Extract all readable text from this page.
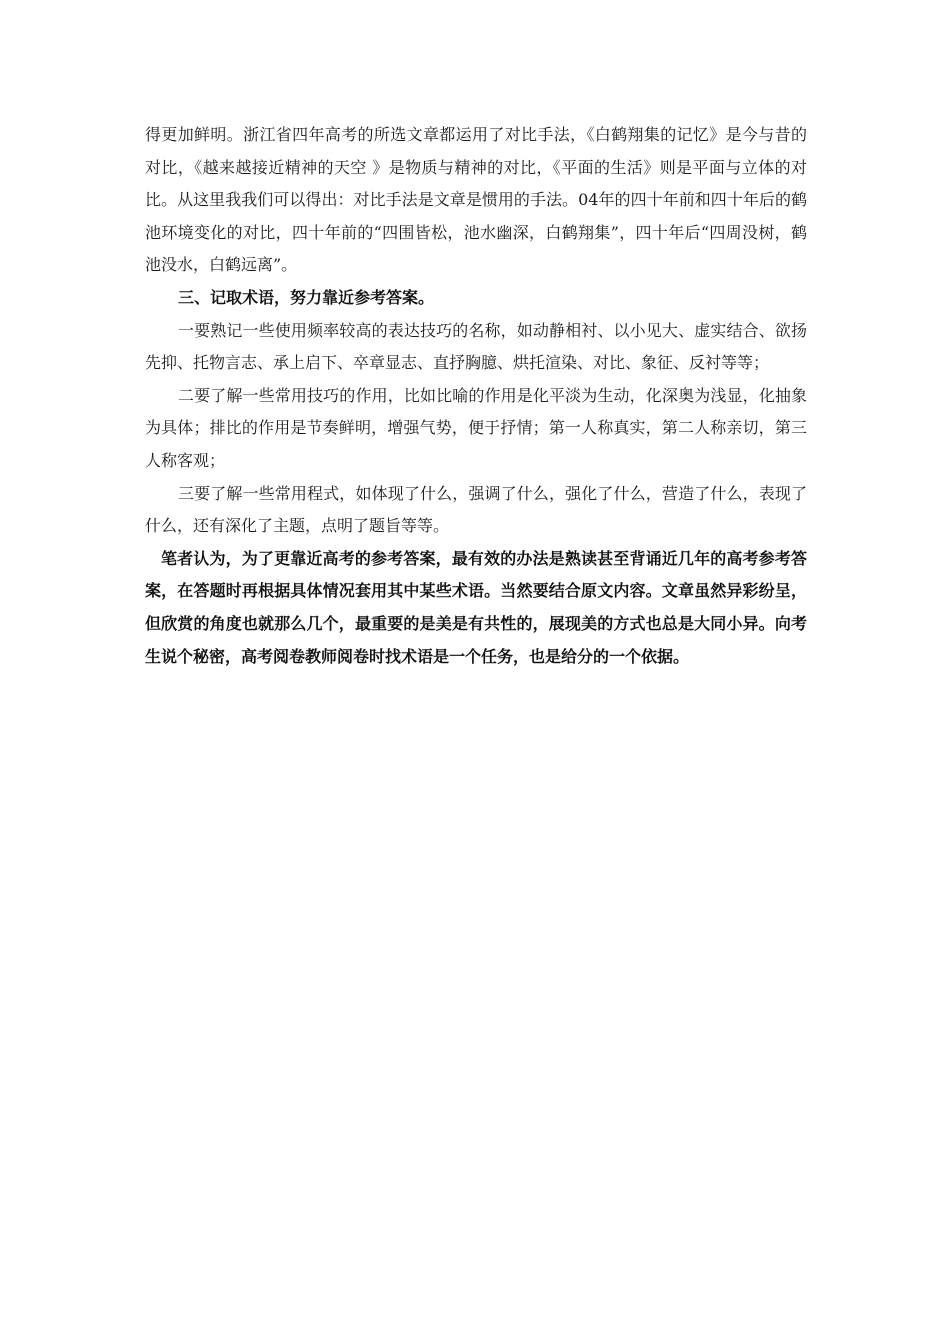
得更加鲜明。浙江省四年高考的所选文章都运用了对比手法，《白鹤翔集的记忆》是今与昔的对比，《越来越接近精神的天空 》是物质与精神的对比，《平面的生活》则是平面与立体的对比。从这里我我们可以得出：对比手法是文章是惯用的手法。04年的四十年前和四十年后的鹤池环境变化的对比，四十年前的“四围皆松，池水幽深，白鹤翔集”，四十年后“四周没树，鹤池没水，白鹤远离”。

三、记取术语，努力靠近参考答案。

一要熟记一些使用频率较高的表达技巧的名称，如动静相衬、以小见大、虚实结合、欲扬先抑、托物言志、承上启下、卒章显志、直抒胸臆、烘托渲染、对比、象征、反衬等等；

二要了解一些常用技巧的作用，比如比喻的作用是化平淡为生动，化深奥为浅显，化抽象为具体；排比的作用是节奏鲜明，增强气势，便于抒情；第一人称真实，第二人称亲切，第三人称客观；

三要了解一些常用程式，如体现了什么，强调了什么，强化了什么，营造了什么，表现了什么，还有深化了主题，点明了题旨等等。

笔者认为，为了更靠近高考的参考答案，最有效的办法是熟读甚至背诵近几年的高考参考答案，在答题时再根据具体情况套用其中某些术语。当然要结合原文内容。文章虽然异彩纷呈，但欣赏的角度也就那么几个，最重要的是美是有共性的，展现美的方式也总是大同小异。向考生说个秘密，高考阅卷教师阅卷时找术语是一个任务，也是给分的一个依据。
